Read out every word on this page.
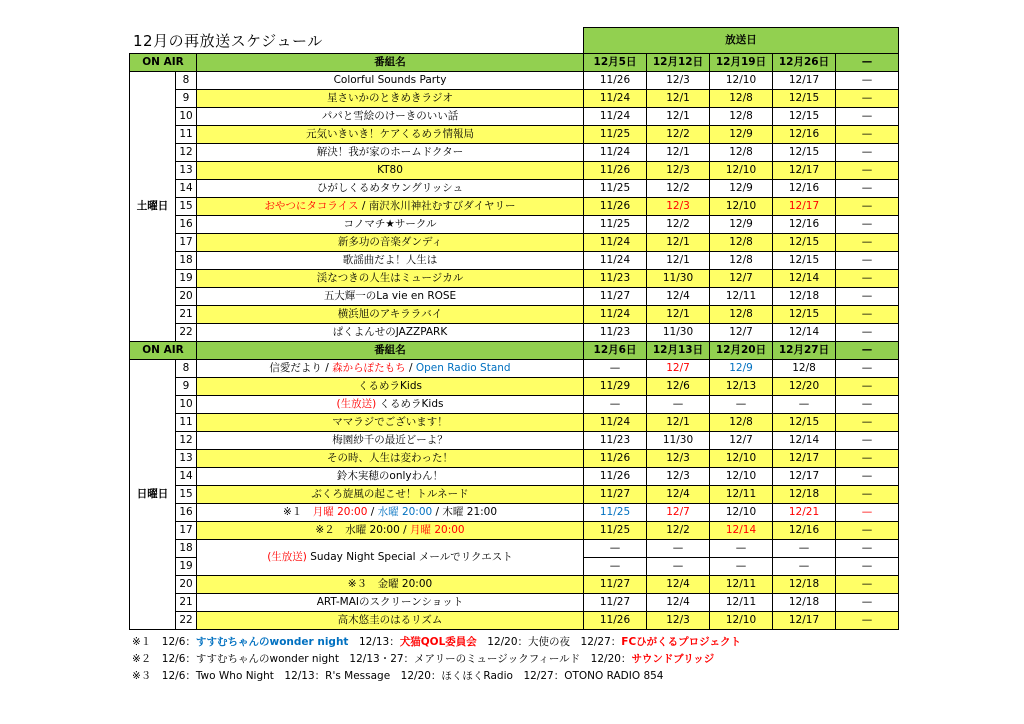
12月の再放送スケジュール
			放送日				
ON AIR		番組名	12月5日	12月12日	12月19日	12月26日	—
土曜日	8	Colorful Sounds Party	11/26	12/3	12/10	12/17	—
	9	星さいかのときめきラジオ	11/24	12/1	12/8	12/15	—
	10	パパと雪絵のけーきのいい話	11/24	12/1	12/8	12/15	—
	11	元気いきいき！ケアくるめラ情報局	11/25	12/2	12/9	12/16	—
	12	解決！我が家のホームドクター	11/24	12/1	12/8	12/15	—
	13	KT80	11/26	12/3	12/10	12/17	—
	14	ひがしくるめタウングリッシュ	11/25	12/2	12/9	12/16	—
	15	おやつにタコライス / 南沢氷川神社むすびダイヤリー	11/26	12/3	12/10	12/17	—
	16	コノマチ★サークル	11/25	12/2	12/9	12/16	—
	17	新多功の音楽ダンディ	11/24	12/1	12/8	12/15	—
	18	歌謡曲だよ！人生は	11/24	12/1	12/8	12/15	—
	19	渓なつきの人生はミュージカル	11/23	11/30	12/7	12/14	—
	20	五大輝一のLa vie en ROSE	11/27	12/4	12/11	12/18	—
	21	横浜旭のアキララバイ	11/24	12/1	12/8	12/15	—
	22	ぱくよんせのJAZZPARK	11/23	11/30	12/7	12/14	—
ON AIR		番組名	12月6日	12月13日	12月20日	12月27日	—
日曜日	8	信愛だより / 森からぽたもち / Open Radio Stand	—	12/7	12/9	12/8	—
	9	くるめラKids	11/29	12/6	12/13	12/20	—
	10	(生放送) くるめラKids	—	—	—	—	—
	11	ママラジでございます！	11/24	12/1	12/8	12/15	—
	12	梅園紗千の最近どーよ？	11/23	11/30	12/7	12/14	—
	13	その時、人生は変わった！	11/26	12/3	12/10	12/17	—
	14	鈴木実穂のonlyわん！	11/26	12/3	12/10	12/17	—
	15	ぶくろ旋風の起こせ！トルネード	11/27	12/4	12/11	12/18	—
	16	※１　月曜 20:00 / 水曜 20:00 / 木曜 21:00	11/25	12/7	12/10	12/21	—
	17	※２　水曜 20:00 / 月曜 20:00	11/25	12/2	12/14	12/16	—
	18	(生放送) Suday Night Special メールでリクエスト	—	—	—	—	—
	19		—	—	—	—	—
	20	※３　金曜 20:00	11/27	12/4	12/11	12/18	—
	21	ART-MAIのスクリーンショット	11/27	12/4	12/11	12/18	—
	22	高木悠圭のはるリズム	11/26	12/3	12/10	12/17	—
※１　12/6：すすむちゃんのwonder night　12/13：犬猫QOL委員会　12/20：大使の夜　12/27：FCひがくるプロジェクト
※２　12/6：すすむちゃんのwonder night　12/13・27：メアリーのミュージックフィールド　12/20：サウンドブリッジ
※３　12/6：Two Who Night　12/13：R's Message　12/20：ほくほくRadio　12/27：OTONO RADIO 854
